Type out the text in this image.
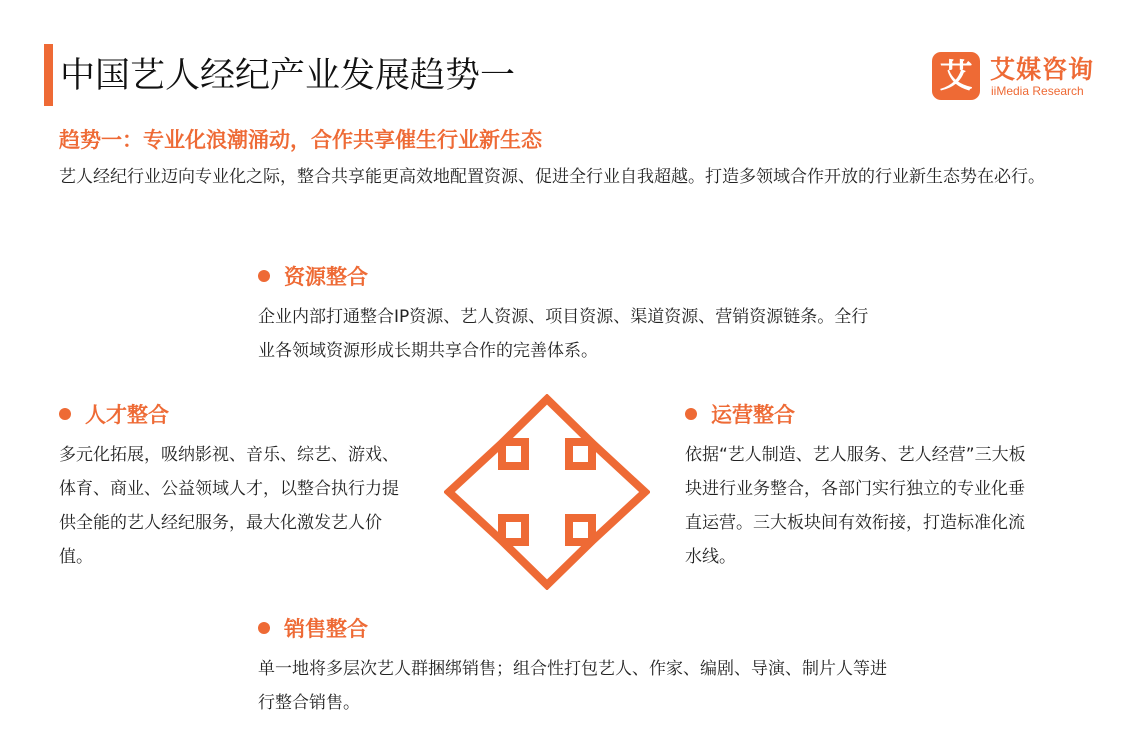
中国艺人经纪产业发展趋势一	艾 艾媒咨询
iiMedia Research
趋势一：专业化浪潮涌动，合作共享催生行业新生态
艺人经纪行业迈向专业化之际，整合共享能更高效地配置资源、促进全行业自我超越。打造多领域合作开放的行业新生态势在必行。
资源整合
企业内部打通整合IP资源、艺人资源、项目资源、渠道资源、营销资源链条。全行业各领域资源形成长期共享合作的完善体系。
人才整合
多元化拓展，吸纳影视、音乐、综艺、游戏、体育、商业、公益领域人才，以整合执行力提供全能的艺人经纪服务，最大化激发艺人价值。
运营整合
依据“艺人制造、艺人服务、艺人经营”三大板块进行业务整合，各部门实行独立的专业化垂直运营。三大板块间有效衔接，打造标准化流水线。
销售整合
单一地将多层次艺人群捆绑销售；组合性打包艺人、作家、编剧、导演、制片人等进行整合销售。
